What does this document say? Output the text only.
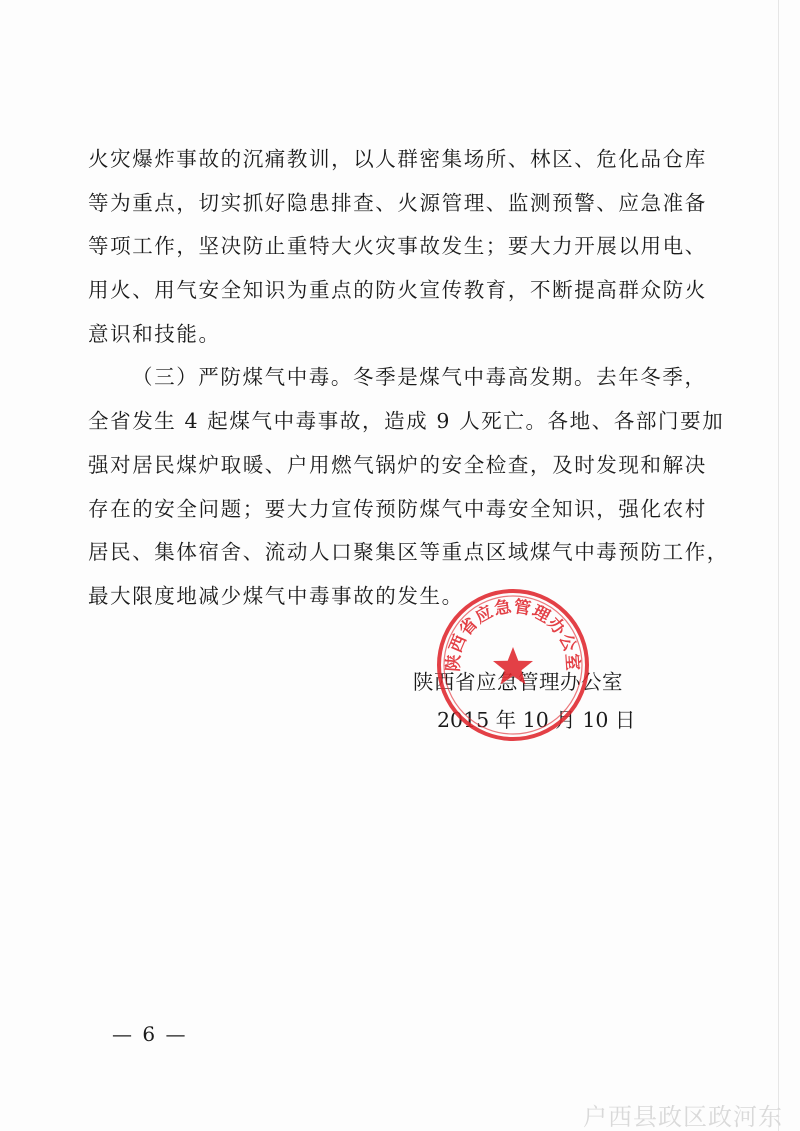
火灾爆炸事故的沉痛教训，以人群密集场所、林区、危化品仓库
等为重点，切实抓好隐患排查、火源管理、监测预警、应急准备
等项工作，坚决防止重特大火灾事故发生；要大力开展以用电、
用火、用气安全知识为重点的防火宣传教育，不断提高群众防火
意识和技能。
（三）严防煤气中毒。冬季是煤气中毒高发期。去年冬季，
全省发生 4 起煤气中毒事故，造成 9 人死亡。各地、各部门要加
强对居民煤炉取暖、户用燃气锅炉的安全检查，及时发现和解决
存在的安全问题；要大力宣传预防煤气中毒安全知识，强化农村
居民、集体宿舍、流动人口聚集区等重点区域煤气中毒预防工作，
最大限度地减少煤气中毒事故的发生。
陕西省应急管理办公室
2015 年 10 月 10 日
陕西省应急管理办公室
— 6 —
户西县政区政河东
